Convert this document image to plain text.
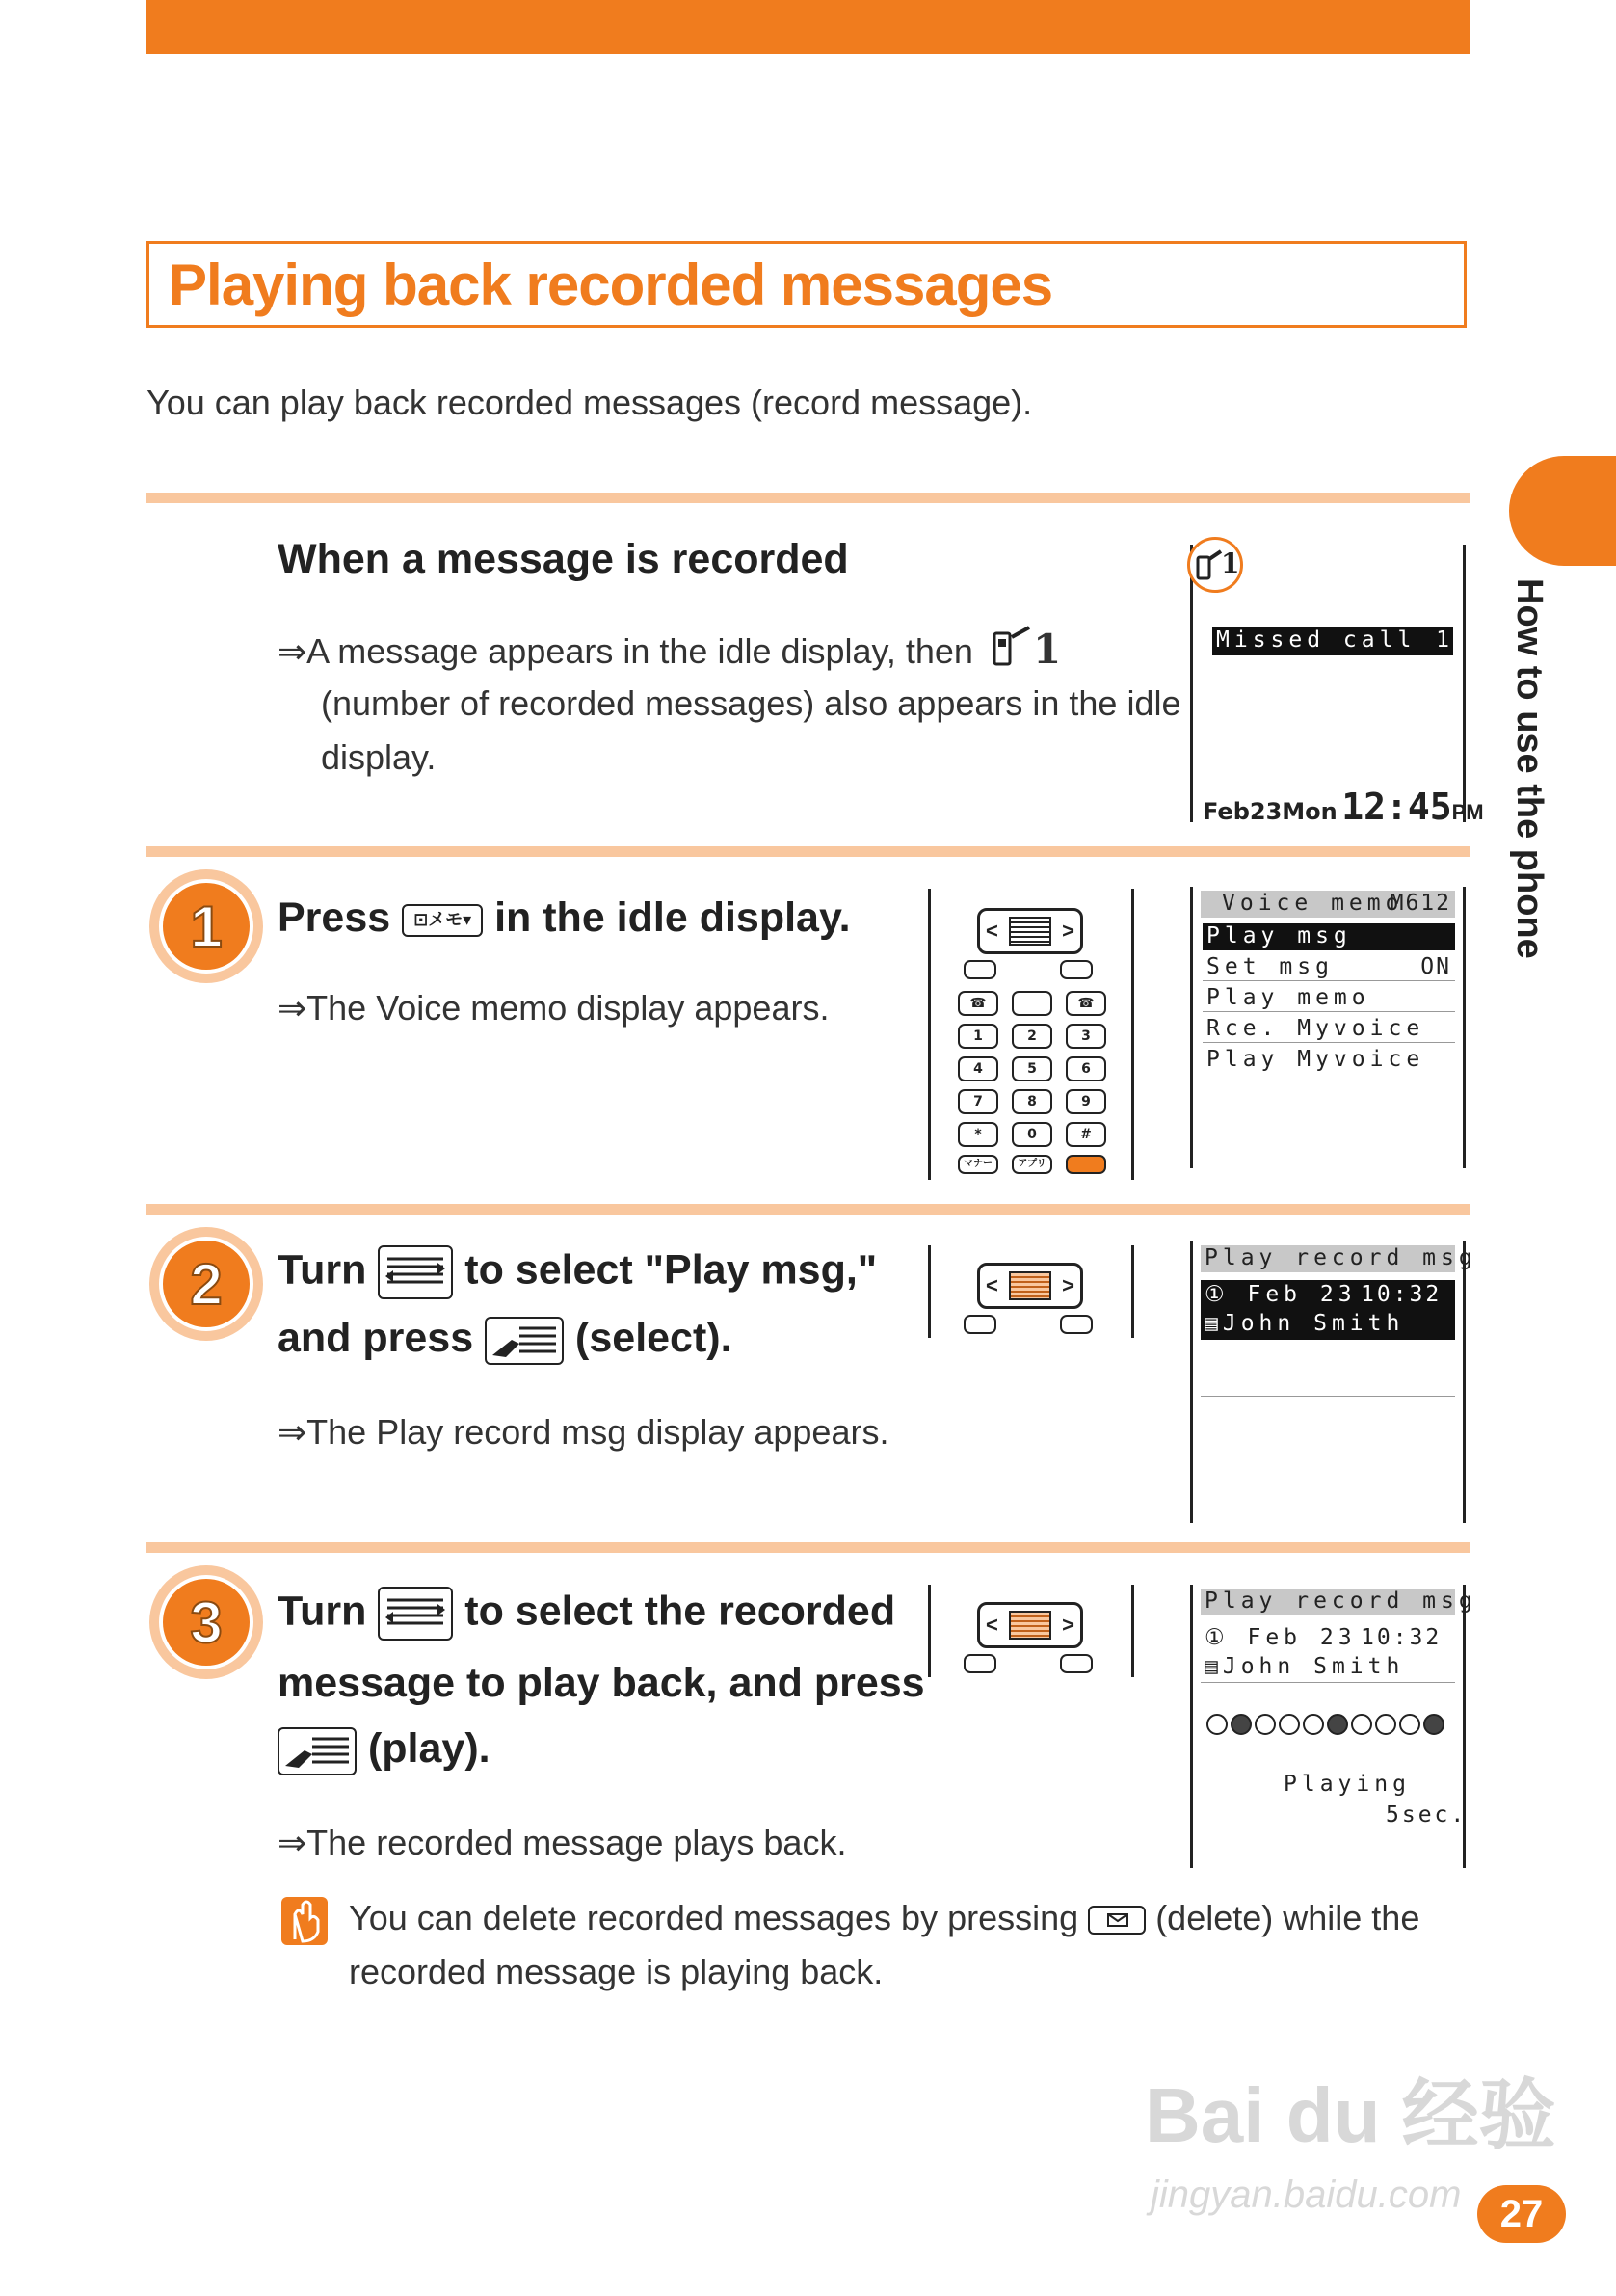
Playing back recorded messages
You can play back recorded messages (record message).
How to use the phone
When a message is recorded
⇒A message appears in the idle display, then 1
(number of recorded messages) also appears in the idle
display.
1
Missed call 1
Feb23Mon 12:45PM
1 Press ⊡メモ▾ in the idle display.
⇒The Voice memo display appears.
<	>
☎	☎
1	2	3
4	5	6
7	8	9
*	0	#
マナー	アプリ
Voice memo
M612
Play msg
Set msg	ON
Play memo
Rce. Myvoice
Play Myvoice
2 Turn to select "Play msg,"
and press (select).
⇒The Play record msg display appears.
<	>
Play record msg
① Feb 23 10:32
▤John Smith
3 Turn to select the recorded
message to play back, and press
(play).
⇒The recorded message plays back.
<	>
Play record msg
① Feb 23 10:32
▤John Smith
Playing
5sec.
You can delete recorded messages by pressing (delete) while the
recorded message is playing back.
Bai du 经验
jingyan.baidu.com	27
